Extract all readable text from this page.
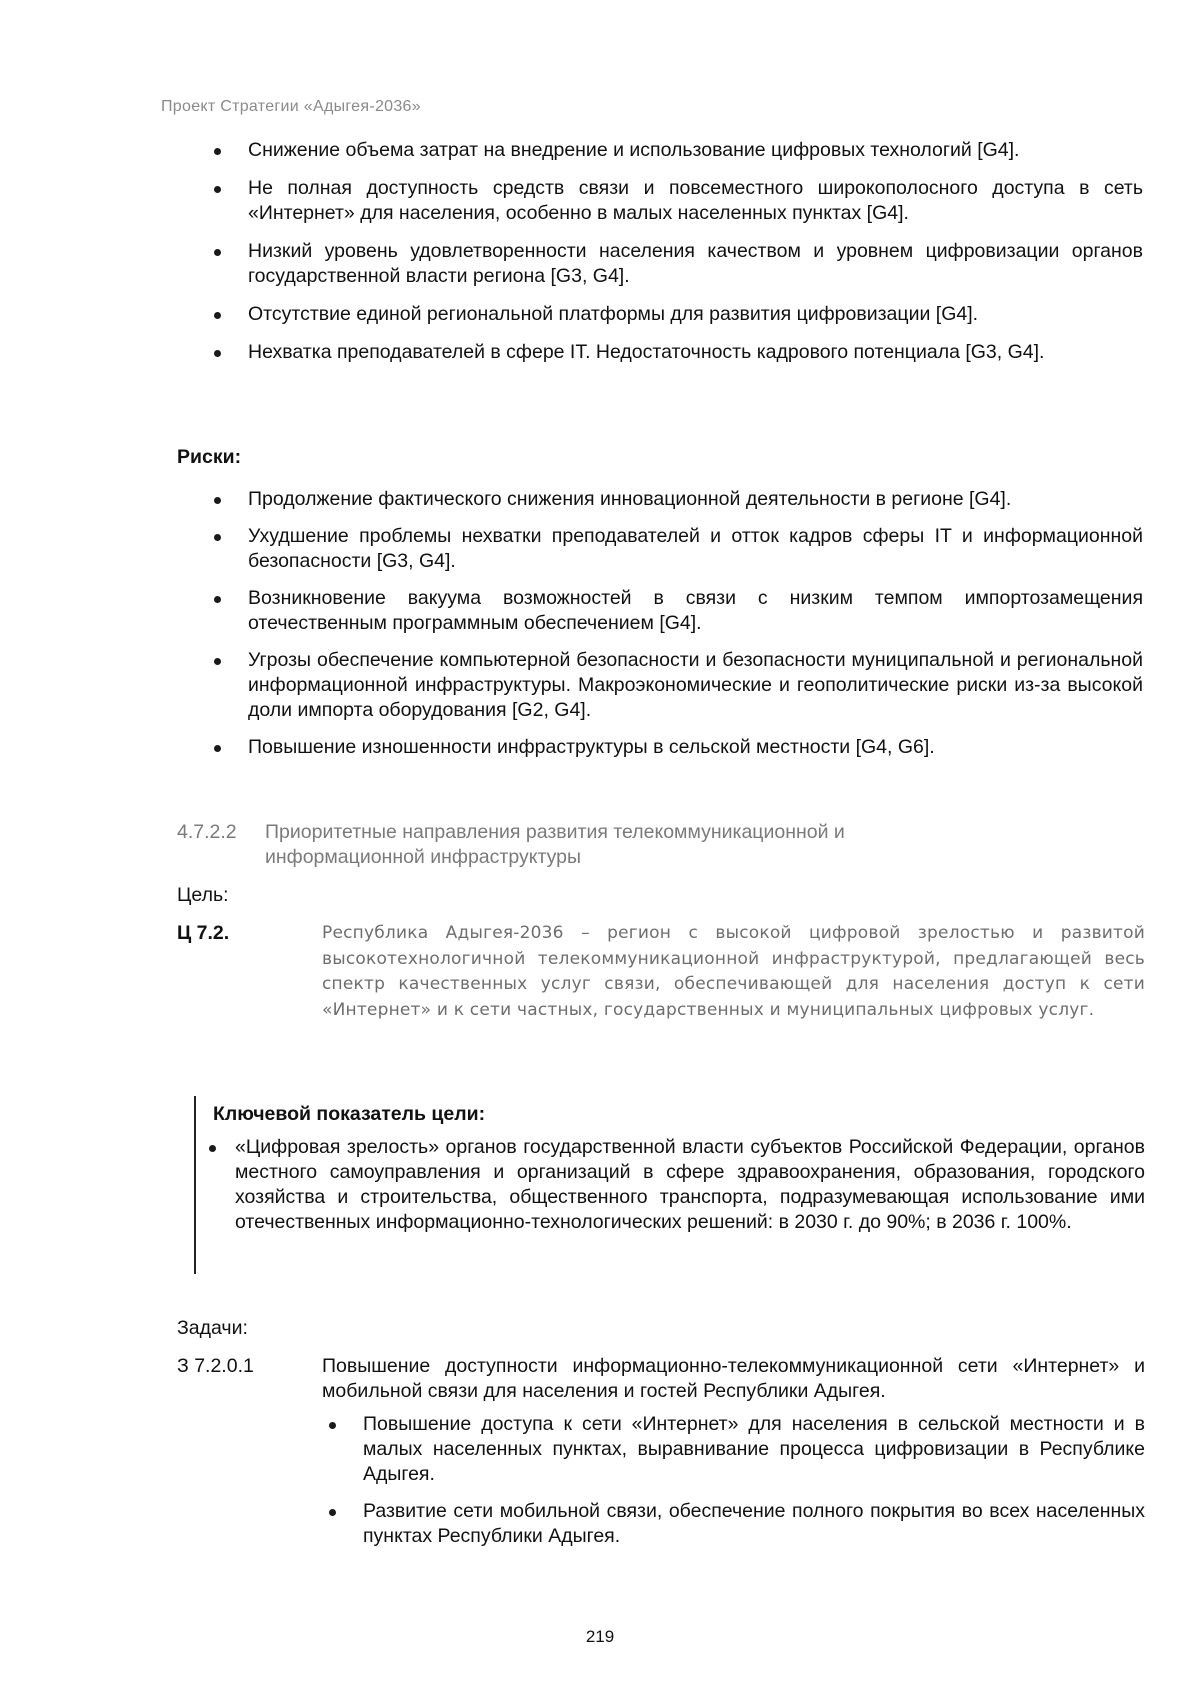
Проект Стратегии «Адыгея-2036»
Снижение объема затрат на внедрение и использование цифровых технологий [G4].
Не полная доступность средств связи и повсеместного широкополосного доступа в сеть «Интернет» для населения, особенно в малых населенных пунктах [G4].
Низкий уровень удовлетворенности населения качеством и уровнем цифровизации органов государственной власти региона [G3, G4].
Отсутствие единой региональной платформы для развития цифровизации [G4].
Нехватка преподавателей в сфере IT. Недостаточность кадрового потенциала [G3, G4].
Риски:
Продолжение фактического снижения инновационной деятельности в регионе [G4].
Ухудшение проблемы нехватки преподавателей и отток кадров сферы IT и информационной безопасности [G3, G4].
Возникновение вакуума возможностей в связи с низким темпом импортозамещения отечественным программным обеспечением [G4].
Угрозы обеспечение компьютерной безопасности и безопасности муниципальной и региональной информационной инфраструктуры. Макроэкономические и геополитические риски из-за высокой доли импорта оборудования [G2, G4].
Повышение изношенности инфраструктуры в сельской местности [G4, G6].
4.7.2.2 Приоритетные направления развития телекоммуникационной и
информационной инфраструктуры
Цель:
Ц 7.2.	Республика Адыгея-2036 – регион с высокой цифровой зрелостью и развитой высокотехнологичной телекоммуникационной инфраструктурой, предлагающей весь спектр качественных услуг связи, обеспечивающей для населения доступ к сети «Интернет» и к сети частных, государственных и муниципальных цифровых услуг.
Ключевой показатель цели:
«Цифровая зрелость» органов государственной власти субъектов Российской Федерации, органов местного самоуправления и организаций в сфере здравоохранения, образования, городского хозяйства и строительства, общественного транспорта, подразумевающая использование ими отечественных информационно-технологических решений: в 2030 г. до 90%; в 2036 г. 100%.
Задачи:
З 7.2.0.1	Повышение доступности информационно-телекоммуникационной сети «Интернет» и мобильной связи для населения и гостей Республики Адыгея.
Повышение доступа к сети «Интернет» для населения в сельской местности и в малых населенных пунктах, выравнивание процесса цифровизации в Республике Адыгея.
Развитие сети мобильной связи, обеспечение полного покрытия во всех населенных пунктах Республики Адыгея.
219
